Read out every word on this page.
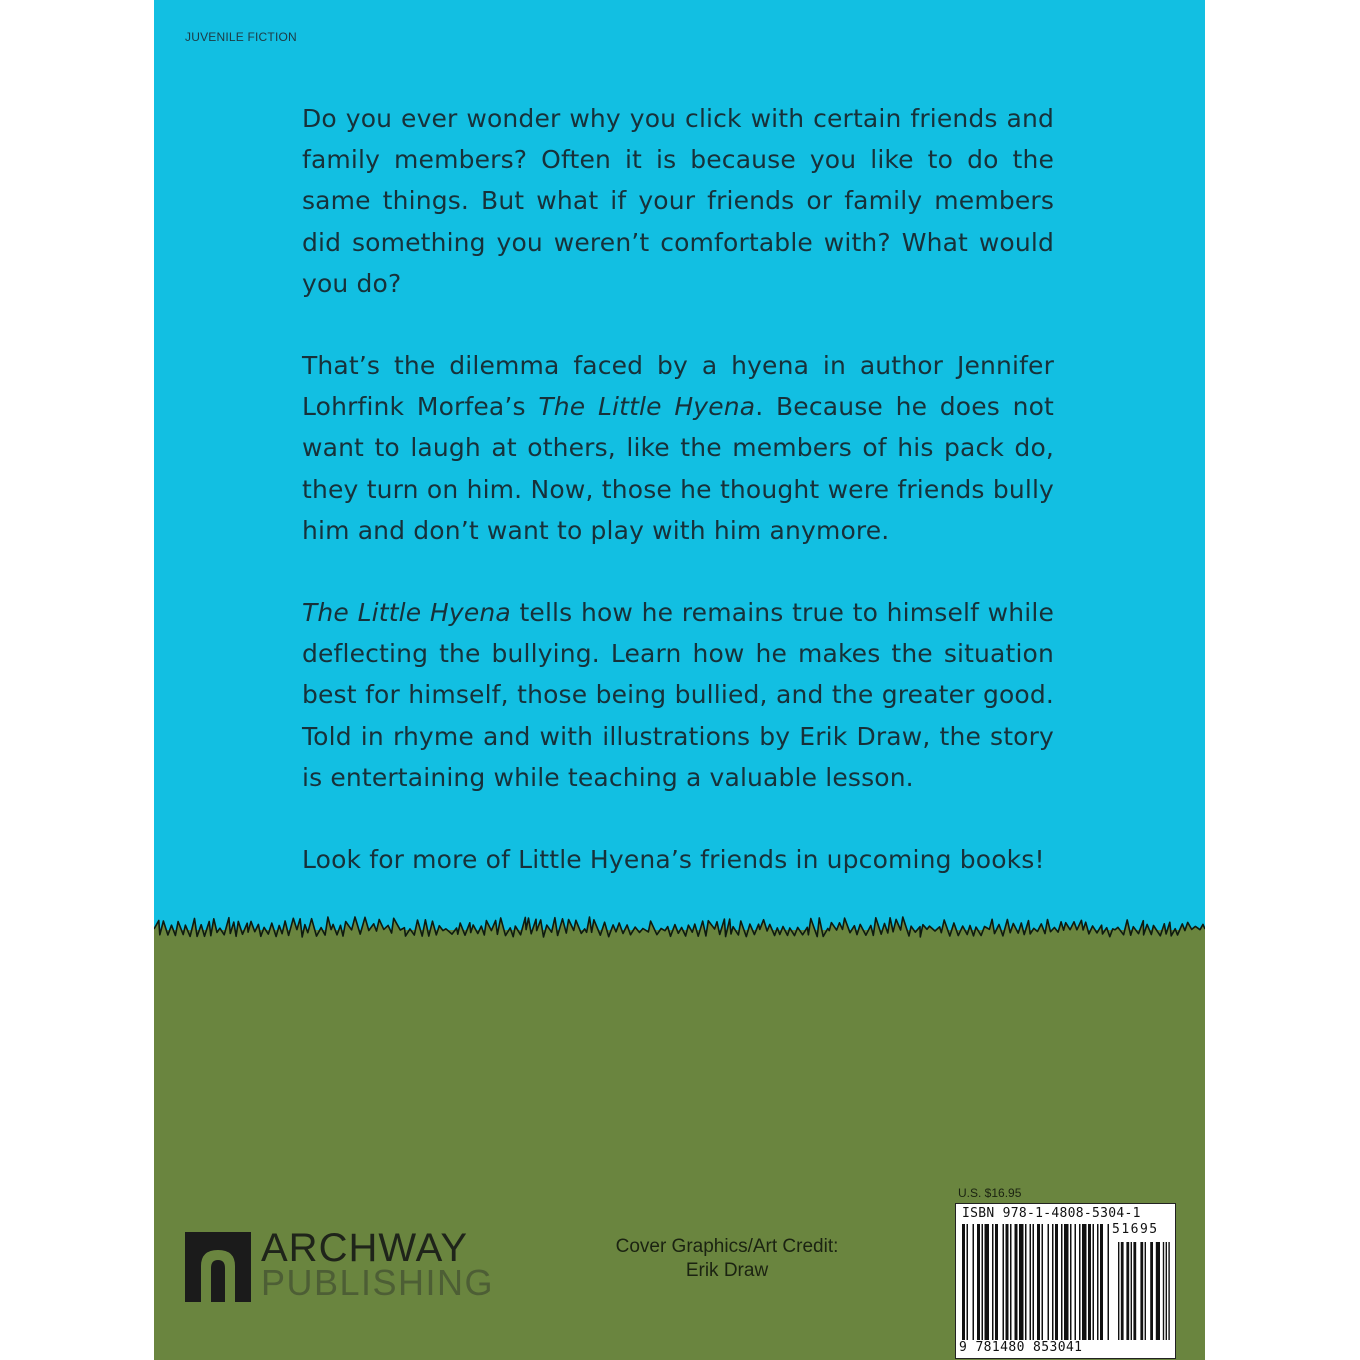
JUVENILE FICTION

Do you ever wonder why you click with certain friends and family members? Often it is because you like to do the same things. But what if your friends or family members did something you weren’t comfortable with? What would you do?

That’s the dilemma faced by a hyena in author Jennifer Lohrfink Morfea’s The Little Hyena. Because he does not want to laugh at others, like the members of his pack do, they turn on him. Now, those he thought were friends bully him and don’t want to play with him anymore.

The Little Hyena tells how he remains true to himself while deflecting the bullying. Learn how he makes the situation best for himself, those being bullied, and the greater good. Told in rhyme and with illustrations by Erik Draw, the story is entertaining while teaching a valuable lesson.

Look for more of Little Hyena’s friends in upcoming books!

ARCHWAY
PUBLISHING
Cover Graphics/Art Credit:
Erik Draw
U.S. $16.95
ISBN 978-1-4808-5304-1
51695
9 781480 853041
